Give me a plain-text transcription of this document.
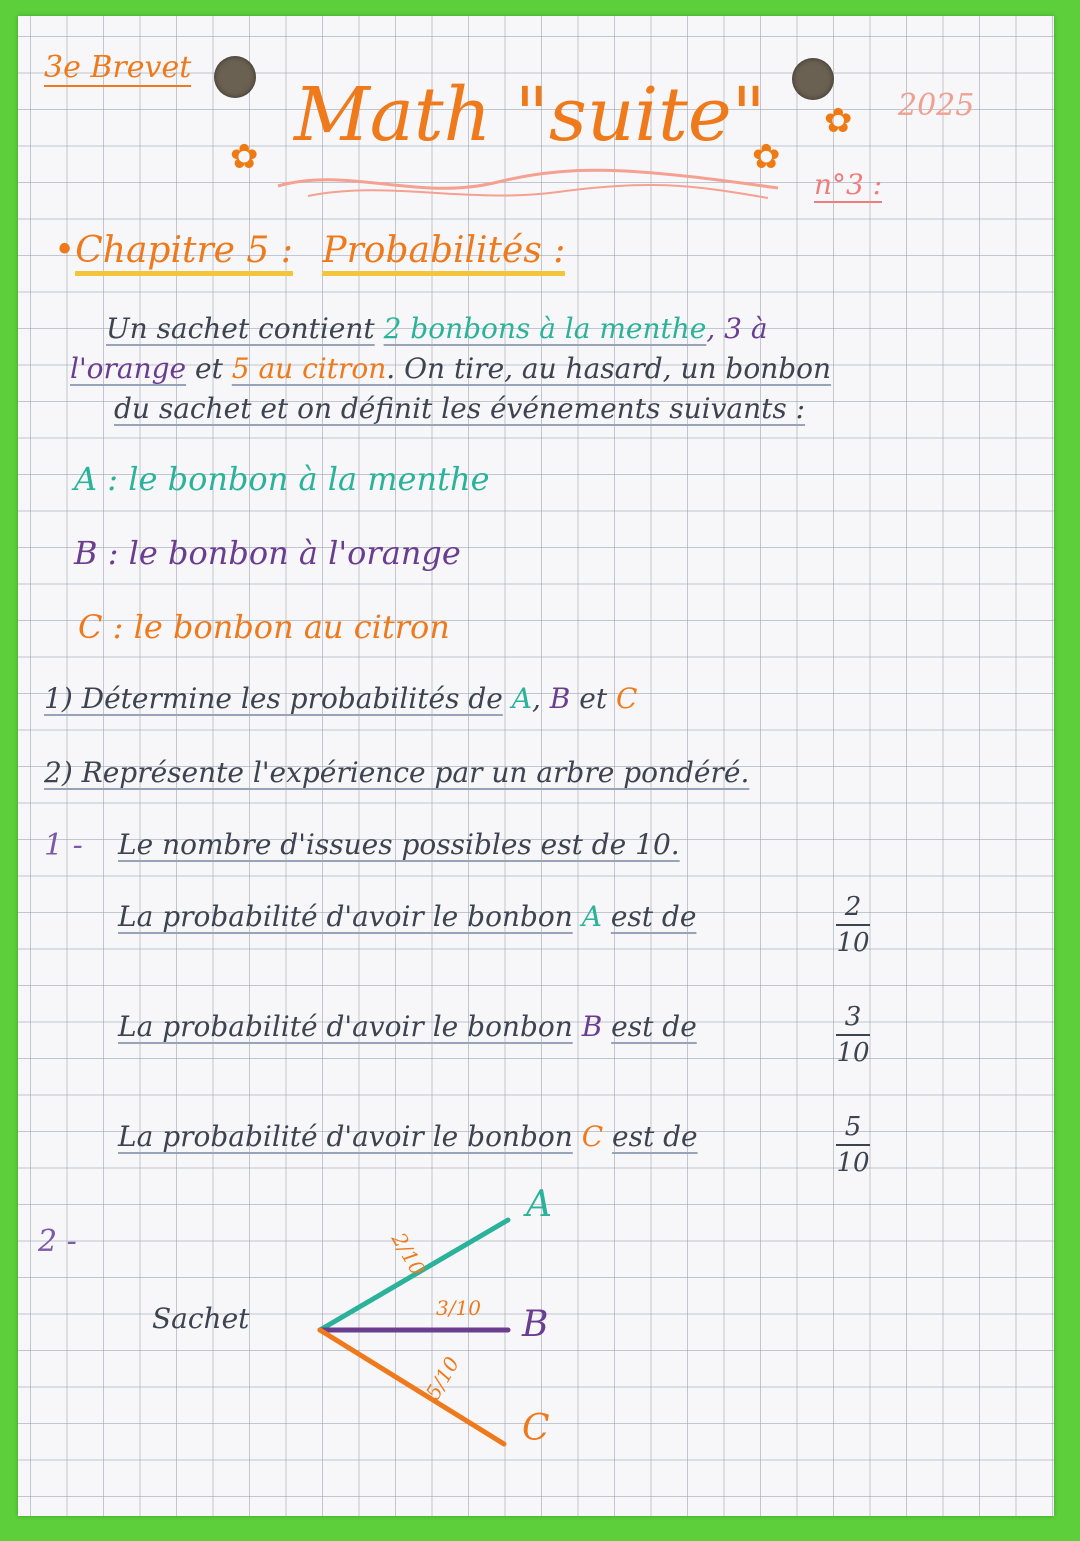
3e Brevet
✿ Math "suite"
✿
✿ 2025
n°3 :
•Chapitre 5 : Probabilités :
Un sachet contient 2 bonbons à la menthe, 3 à
l'orange et 5 au citron. On tire, au hasard, un bonbon
du sachet et on définit les événements suivants :
A : le bonbon à la menthe
B : le bonbon à l'orange
C : le bonbon au citron
1) Détermine les probabilités de A, B et C
2) Représente l'expérience par un arbre pondéré.
1 - Le nombre d'issues possibles est de 10.
La probabilité d'avoir le bonbon A est de	2
10
La probabilité d'avoir le bonbon B est de	3
10
La probabilité d'avoir le bonbon C est de	5
10
2 -
Sachet
2/10
3/10
5/10
A
B
C
